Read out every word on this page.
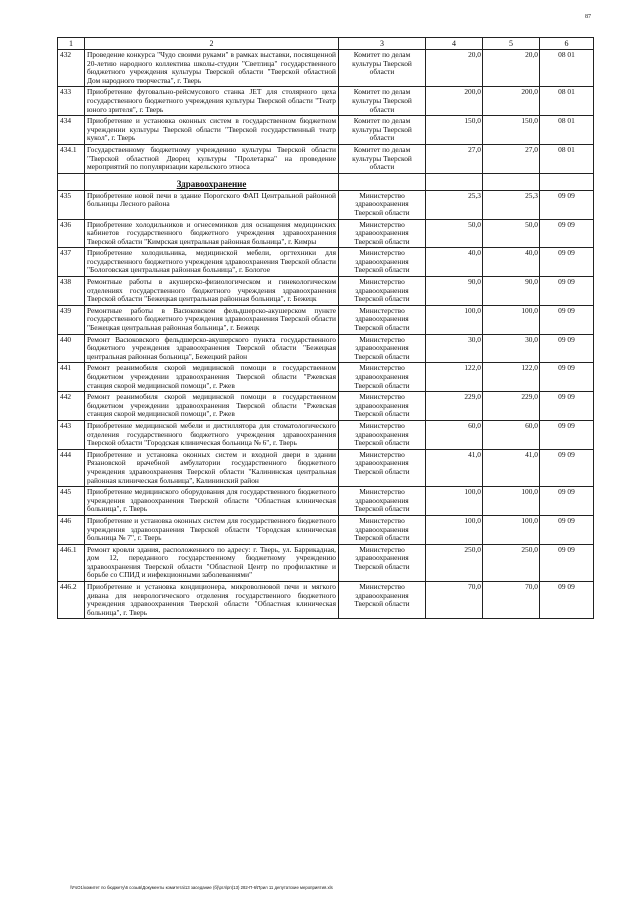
87
1	2	3	4	5	6
432	Проведение конкурса "Чудо своими руками" в рамках выставки, посвященной 20-летию народного коллектива школы-студии "Светлица" государственного бюджетного учреждения культуры Тверской области "Тверской областной Дом народного творчества", г. Тверь	Комитет по делам культуры Тверской области	20,0	20,0	08 01
433	Приобретение фуговально-рейсмусового станка JET для столярного цеха государственного бюджетного учреждения культуры Тверской области "Театр юного зрителя", г. Тверь	Комитет по делам культуры Тверской области	200,0	200,0	08 01
434	Приобретение и установка оконных систем в государственном бюджетном учреждении культуры Тверской области "Тверской государственный театр кукол", г. Тверь	Комитет по делам культуры Тверской области	150,0	150,0	08 01
434.1	Государственному бюджетному учреждению культуры Тверской области "Тверской областной Дворец культуры "Пролетарка" на проведение мероприятий по популяризации карельского этноса	Комитет по делам культуры Тверской области	27,0	27,0	08 01

	Здравоохранение				

435	Приобретение новой печи в здание Порогского ФАП Центральной районной больницы Лесного района	Министерство здравоохранения Тверской области	25,3	25,3	09 09
436	Приобретение холодильников и огнесеминков для оснащения медицинских кабинетов государственного бюджетного учреждения здравоохранения Тверской области "Кимрская центральная районная больница", г. Кимры	Министерство здравоохранения Тверской области	50,0	50,0	09 09
437	Приобретение холодильника, медицинской мебели, оргтехники для государственного бюджетного учреждения здравоохранения Тверской области "Бологовская центральная районная больница", г. Бологое	Министерство здравоохранения Тверской области	40,0	40,0	09 09
438	Ремонтные работы в акушерско-физиологическом и гинекологическом отделениях государственного бюджетного учреждения здравоохранения Тверской области "Бежецкая центральная районная больница", г. Бежецк	Министерство здравоохранения Тверской области	90,0	90,0	09 09
439	Ремонтные работы в Васюковском фельдшерско-акушерском пункте государственного бюджетного учреждения здравоохранения Тверской области "Бежецкая центральная районная больница", г. Бежецк	Министерство здравоохранения Тверской области	100,0	100,0	09 09
440	Ремонт Васюковского фельдшерско-акушерского пункта государственного бюджетного учреждения здравоохранения Тверской области "Бежецкая центральная районная больница", Бежецкий район	Министерство здравоохранения Тверской области	30,0	30,0	09 09
441	Ремонт реанимобиля скорой медицинской помощи в государственном бюджетном учреждении здравоохранения Тверской области "Ржевская станция скорой медицинской помощи", г. Ржев	Министерство здравоохранения Тверской области	122,0	122,0	09 09
442	Ремонт реанимобиля скорой медицинской помощи в государственном бюджетном учреждении здравоохранения Тверской области "Ржевская станция скорой медицинской помощи", г. Ржев	Министерство здравоохранения Тверской области	229,0	229,0	09 09
443	Приобретение медицинской мебели и дистиллятора для стоматологического отделения государственного бюджетного учреждения здравоохранения Тверской области "Городская клиническая больница № 6", г. Тверь	Министерство здравоохранения Тверской области	60,0	60,0	09 09
444	Приобретение и установка оконных систем и входной двери в здании Рязановской врачебной амбулатории государственного бюджетного учреждения здравоохранения Тверской области "Калининская центральная районная клиническая больница", Калининский район	Министерство здравоохранения Тверской области	41,0	41,0	09 09
445	Приобретение медицинского оборудования для государственного бюджетного учреждения здравоохранения Тверской области "Областная клиническая больница", г. Тверь	Министерство здравоохранения Тверской области	100,0	100,0	09 09
446	Приобретение и установка оконных систем для государственного бюджетного учреждения здравоохранения Тверской области "Городская клиническая больница № 7", г. Тверь	Министерство здравоохранения Тверской области	100,0	100,0	09 09
446.1	Ремонт кровли здания, расположенного по адресу: г. Тверь, ул. Баррикадная, дом 12, переданного государственному бюджетному учреждению здравоохранения Тверской области "Областной Центр по профилактике и борьбе со СПИД и инфекционными заболеваниями"	Министерство здравоохранения Тверской области	250,0	250,0	09 09
446.2	Приобретение и установка кондиционера, микроволновой печи и мягкого дивана для неврологического отделения государственного бюджетного учреждения здравоохранения Тверской области "Областная клиническая больница", г. Тверь	Министерство здравоохранения Тверской области	70,0	70,0	09 09
\\FsO1\комитет по бюджету\6 созыв\Документы комитета\13 заседание (б)\ргл\рп(13) 282-П-6\Прил 11 депутатские мероприятия.xls
